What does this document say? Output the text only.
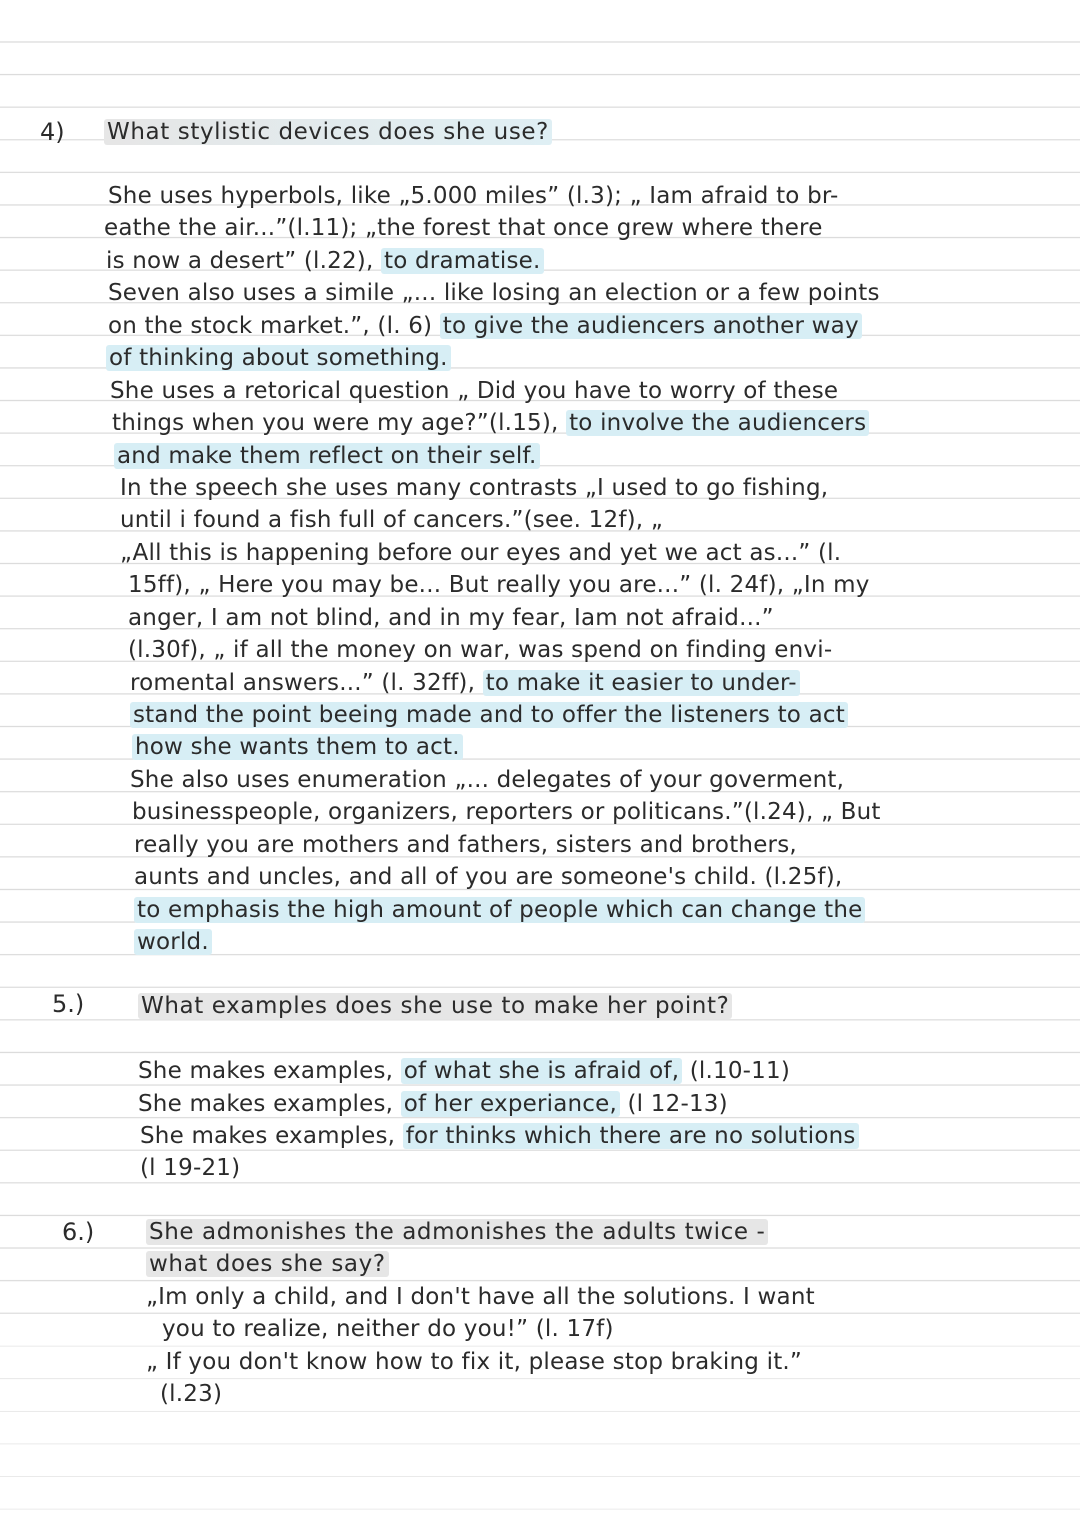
4) What stylistic devices does she use?
She uses hyperbols, like „5.000 miles” (l.3); „ Iam afraid to br-
eathe the air...”(l.11); „the forest that once grew where there
is now a desert” (l.22), to dramatise.
Seven also uses a simile „... like losing an election or a few points
on the stock market.”, (l. 6) to give the audiencers another way
of thinking about something.
She uses a retorical question „ Did you have to worry of these
things when you were my age?”(l.15), to involve the audiencers
and make them reflect on their self.
In the speech she uses many contrasts „I used to go fishing,
until i found a fish full of cancers.”(see. 12f), „
„All this is happening before our eyes and yet we act as...” (l.
15ff), „ Here you may be... But really you are...” (l. 24f), „In my
anger, I am not blind, and in my fear, Iam not afraid...”
(l.30f), „ if all the money on war, was spend on finding envi-
romental answers...” (l. 32ff), to make it easier to under-
stand the point beeing made and to offer the listeners to act
how she wants them to act.
She also uses enumeration „... delegates of your goverment,
businesspeople, organizers, reporters or politicans.”(l.24), „ But
really you are mothers and fathers, sisters and brothers,
aunts and uncles, and all of you are someone's child. (l.25f),
to emphasis the high amount of people which can change the
world.
5.) What examples does she use to make her point?
She makes examples, of what she is afraid of, (l.10-11)
She makes examples, of her experiance, (l 12-13)
She makes examples, for thinks which there are no solutions
(l 19-21)
6.) She admonishes the admonishes the adults twice -
what does she say?
„Im only a child, and I don't have all the solutions. I want
you to realize, neither do you!” (l. 17f)
„ If you don't know how to fix it, please stop braking it.”
(l.23)
